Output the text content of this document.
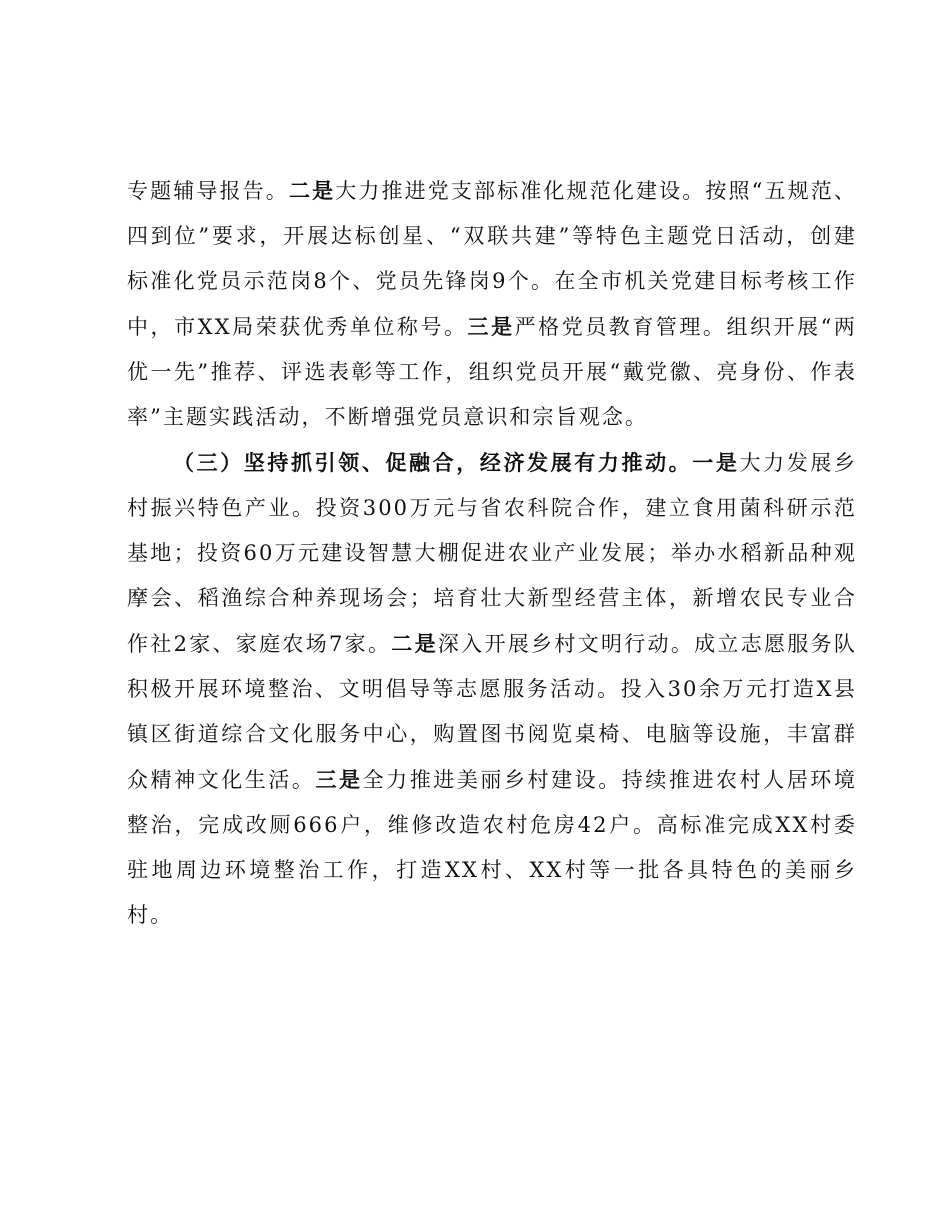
专题辅导报告。二是大力推进党支部标准化规范化建设。按照“五规范、四到位”要求，开展达标创星、“双联共建”等特色主题党日活动，创建标准化党员示范岗8个、党员先锋岗9个。在全市机关党建目标考核工作中，市XX局荣获优秀单位称号。三是严格党员教育管理。组织开展“两优一先”推荐、评选表彰等工作，组织党员开展“戴党徽、亮身份、作表率”主题实践活动，不断增强党员意识和宗旨观念。

（三）坚持抓引领、促融合，经济发展有力推动。一是大力发展乡村振兴特色产业。投资300万元与省农科院合作，建立食用菌科研示范基地；投资60万元建设智慧大棚促进农业产业发展；举办水稻新品种观摩会、稻渔综合种养现场会；培育壮大新型经营主体，新增农民专业合作社2家、家庭农场7家。二是深入开展乡村文明行动。成立志愿服务队积极开展环境整治、文明倡导等志愿服务活动。投入30余万元打造X县镇区街道综合文化服务中心，购置图书阅览桌椅、电脑等设施，丰富群众精神文化生活。三是全力推进美丽乡村建设。持续推进农村人居环境整治，完成改厕666户，维修改造农村危房42户。高标准完成XX村委驻地周边环境整治工作，打造XX村、XX村等一批各具特色的美丽乡村。
